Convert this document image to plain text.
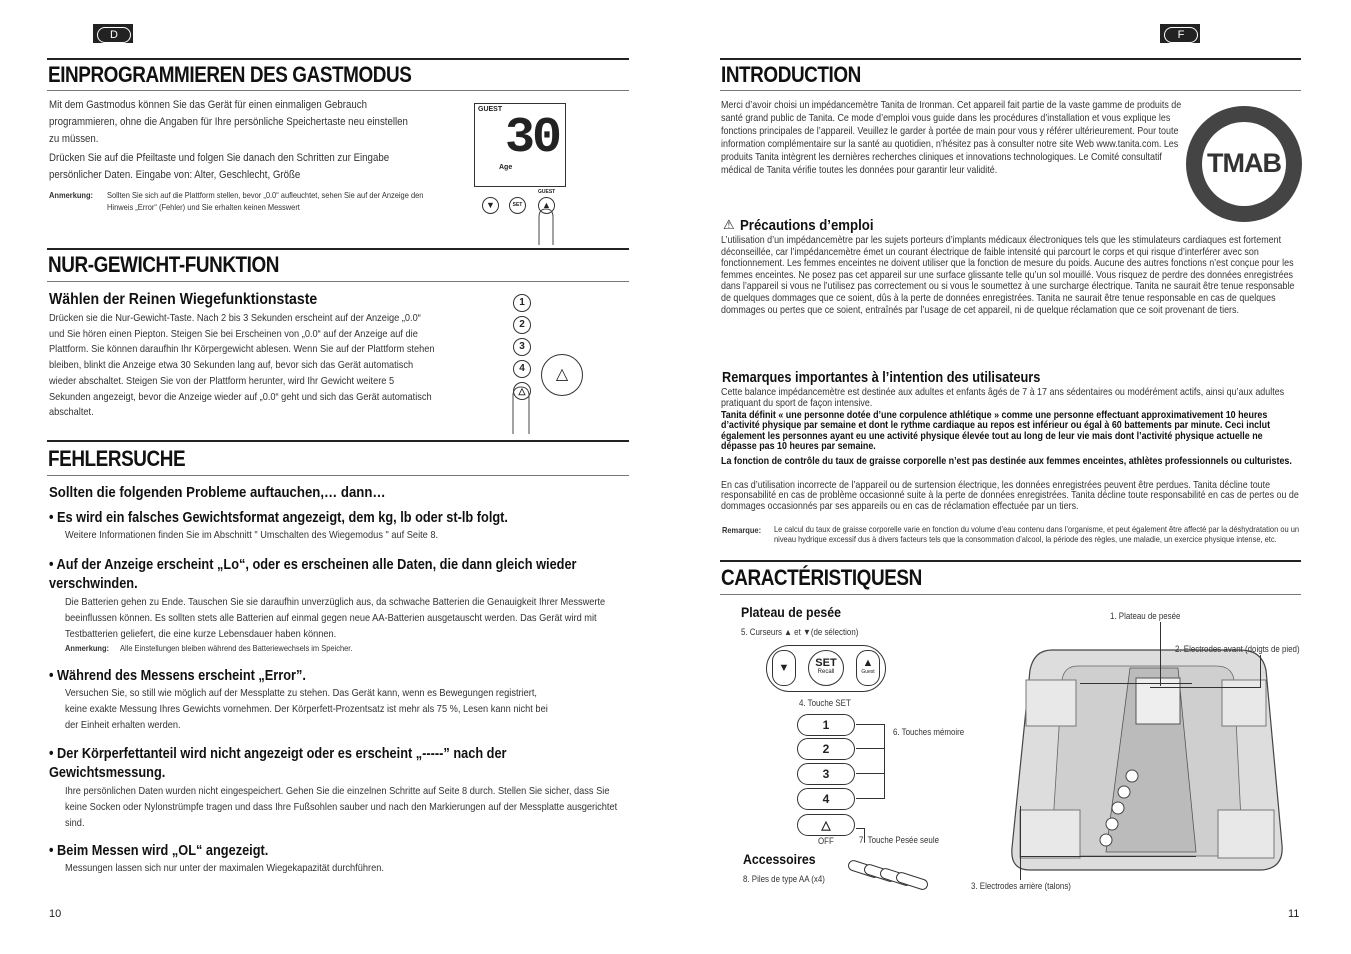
D
EINPROGRAMMIEREN DES GASTMODUS
Mit dem Gastmodus können Sie das Gerät für einen einmaligen Gebrauch programmieren, ohne die Angaben für Ihre persönliche Speichertaste neu einstellen zu müssen.
Drücken Sie auf die Pfeiltaste und folgen Sie danach den Schritten zur Eingabe persönlicher Daten. Eingabe von: Alter, Geschlecht, Größe
Anmerkung:	Sollten Sie sich auf die Plattform stellen, bevor „0.0“ aufleuchtet, sehen Sie auf der Anzeige den Hinweis „Error“ (Fehler) und Sie erhalten keinen Messwert
GUEST
30
Age
▼	SET
GUEST
▲
NUR-GEWICHT-FUNKTION
Wählen der Reinen Wiegefunktionstaste
Drücken sie die Nur-Gewicht-Taste. Nach 2 bis 3 Sekunden erscheint auf der Anzeige „0.0“ und Sie hören einen Piepton. Steigen Sie bei Erscheinen von „0.0“ auf der Anzeige auf die Plattform. Sie können daraufhin Ihr Körpergewicht ablesen. Wenn Sie auf der Plattform stehen bleiben, blinkt die Anzeige etwa 30 Sekunden lang auf, bevor sich das Gerät automatisch wieder abschaltet. Steigen Sie von der Plattform herunter, wird Ihr Gewicht weitere 5 Sekunden angezeigt, bevor die Anzeige wieder auf „0.0“ geht und sich das Gerät automatisch abschaltet.
1
2
3
4
△
△
FEHLERSUCHE
Sollten die folgenden Probleme auftauchen,… dann…
• Es wird ein falsches Gewichtsformat angezeigt, dem kg, lb oder st-lb folgt.
Weitere Informationen finden Sie im Abschnitt " Umschalten des Wiegemodus " auf Seite 8.
• Auf der Anzeige erscheint „Lo“, oder es erscheinen alle Daten, die dann gleich wieder verschwinden.
Die Batterien gehen zu Ende. Tauschen Sie sie daraufhin unverzüglich aus, da schwache Batterien die Genauigkeit Ihrer Messwerte beeinflussen können. Es sollten stets alle Batterien auf einmal gegen neue AA-Batterien ausgetauscht werden. Das Gerät wird mit Testbatterien geliefert, die eine kurze Lebensdauer haben können.
Anmerkung:	Alle Einstellungen bleiben während des Batteriewechsels im Speicher.
• Während des Messens erscheint „Error”.
Versuchen Sie, so still wie möglich auf der Messplatte zu stehen. Das Gerät kann, wenn es Bewegungen registriert, keine exakte Messung Ihres Gewichts vornehmen. Der Körperfett-Prozentsatz ist mehr als 75 %, Lesen kann nicht bei der Einheit erhalten werden.
• Der Körperfettanteil wird nicht angezeigt oder es erscheint „-----” nach der Gewichtsmessung.
Ihre persönlichen Daten wurden nicht eingespeichert. Gehen Sie die einzelnen Schritte auf Seite 8 durch. Stellen Sie sicher, dass Sie keine Socken oder Nylonstrümpfe tragen und dass Ihre Fußsohlen sauber und nach den Markierungen auf der Messplatte ausgerichtet sind.
• Beim Messen wird „OL“ angezeigt.
Messungen lassen sich nur unter der maximalen Wiegekapazität durchführen.
10
F
INTRODUCTION
Merci d’avoir choisi un impédancemètre Tanita de Ironman. Cet appareil fait partie de la vaste gamme de produits de santé grand public de Tanita. Ce mode d’emploi vous guide dans les procédures d’installation et vous explique les fonctions principales de l’appareil. Veuillez le garder à portée de main pour vous y référer ultérieurement. Pour toute information complémentaire sur la santé au quotidien, n’hésitez pas à consulter notre site Web www.tanita.com. Les produits Tanita intègrent les dernières recherches cliniques et innovations technologiques. Le Comité consultatif médical de Tanita vérifie toutes les données pour garantir leur validité.	TMAB
⚠ Précautions d’emploi
L’utilisation d’un impédancemètre par les sujets porteurs d’implants médicaux électroniques tels que les stimulateurs cardiaques est fortement déconseillée, car l’impédancemètre émet un courant électrique de faible intensité qui parcourt le corps et qui risque d’interférer avec son fonctionnement. Les femmes enceintes ne doivent utiliser que la fonction de mesure du poids. Aucune des autres fonctions n’est conçue pour les femmes enceintes. Ne posez pas cet appareil sur une surface glissante telle qu’un sol mouillé. Vous risquez de perdre des données enregistrées dans l’appareil si vous ne l’utilisez pas correctement ou si vous le soumettez à une surcharge électrique. Tanita ne saurait être tenue responsable de quelques dommages que ce soient, dûs à la perte de données enregistrées. Tanita ne saurait être tenue responsable en cas de quelques dommages ou pertes que ce soient, entraînés par l’usage de cet appareil, ni de quelque réclamation que ce soit provenant de tiers.
Remarques importantes à l’intention des utilisateurs
Cette balance impédancemètre est destinée aux adultes et enfants âgés de 7 à 17 ans sédentaires ou modérément actifs, ainsi qu’aux adultes pratiquant du sport de façon intensive.
Tanita définit « une personne dotée d’une corpulence athlétique » comme une personne effectuant approximativement 10 heures d’activité physique par semaine et dont le rythme cardiaque au repos est inférieur ou égal à 60 battements par minute. Ceci inclut également les personnes ayant eu une activité physique élevée tout au long de leur vie mais dont l’activité physique actuelle ne dépasse pas 10 heures par semaine.
La fonction de contrôle du taux de graisse corporelle n’est pas destinée aux femmes enceintes, athlètes professionnels ou culturistes.
En cas d’utilisation incorrecte de l’appareil ou de surtension électrique, les données enregistrées peuvent être perdues. Tanita décline toute responsabilité en cas de problème occasionné suite à la perte de données enregistrées. Tanita décline toute responsabilité en cas de pertes ou de dommages occasionnés par ses appareils ou en cas de réclamation effectuée par un tiers.
Remarque:	Le calcul du taux de graisse corporelle varie en fonction du volume d’eau contenu dans l’organisme, et peut également être affecté par la déshydratation ou un niveau hydrique excessif dus à divers facteurs tels que la consommation d’alcool, la période des règles, une maladie, un exercice physique intense, etc.
CARACTÉRISTIQUESN
Plateau de pesée
5. Curseurs ▲ et ▼(de sélection)
▼	SET
Recall
▲
Guest
4. Touche SET
1
2
3
4
△
OFF
6. Touches mémoire
7. Touche Pesée seule
Accessoires
8. Piles de type AA (x4)
1. Plateau de pesée
2. Electrodes avant (doigts de pied)
3. Electrodes arrière (talons)
11
